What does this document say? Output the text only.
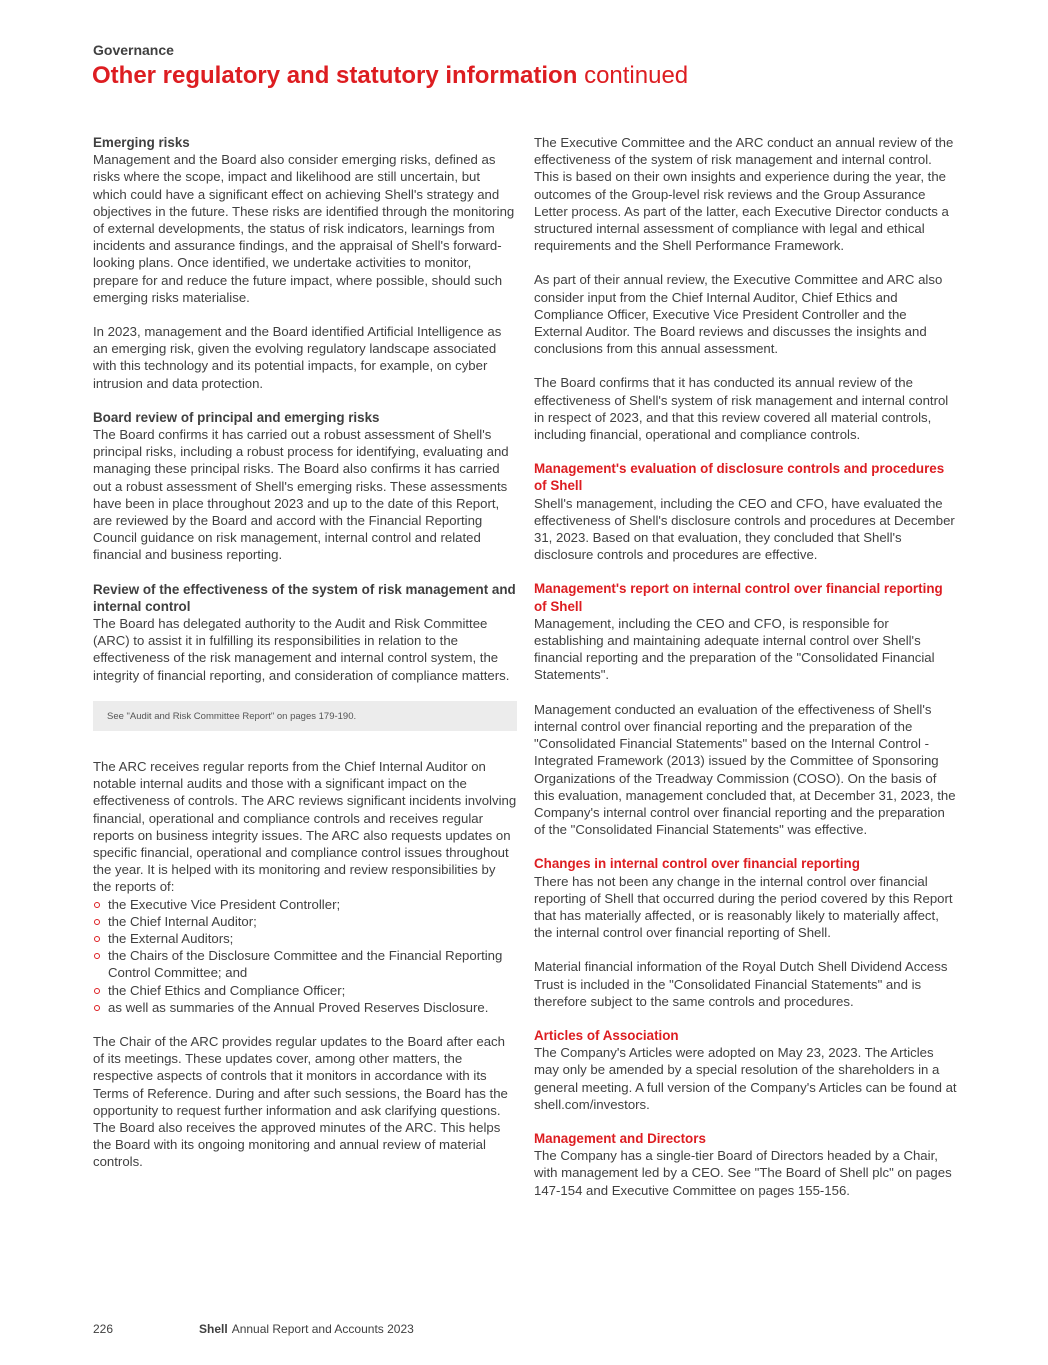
Governance
Other regulatory and statutory information continued
Emerging risks

Management and the Board also consider emerging risks, defined as risks where the scope, impact and likelihood are still uncertain, but which could have a significant effect on achieving Shell's strategy and objectives in the future. These risks are identified through the monitoring of external developments, the status of risk indicators, learnings from incidents and assurance findings, and the appraisal of Shell's forward-looking plans. Once identified, we undertake activities to monitor, prepare for and reduce the future impact, where possible, should such emerging risks materialise.

In 2023, management and the Board identified Artificial Intelligence as an emerging risk, given the evolving regulatory landscape associated with this technology and its potential impacts, for example, on cyber intrusion and data protection.

Board review of principal and emerging risks

The Board confirms it has carried out a robust assessment of Shell's principal risks, including a robust process for identifying, evaluating and managing these principal risks. The Board also confirms it has carried out a robust assessment of Shell's emerging risks. These assessments have been in place throughout 2023 and up to the date of this Report, are reviewed by the Board and accord with the Financial Reporting Council guidance on risk management, internal control and related financial and business reporting.

Review of the effectiveness of the system of risk management and internal control

The Board has delegated authority to the Audit and Risk Committee (ARC) to assist it in fulfilling its responsibilities in relation to the effectiveness of the risk management and internal control system, the integrity of financial reporting, and consideration of compliance matters.

See "Audit and Risk Committee Report" on pages 179-190.

The ARC receives regular reports from the Chief Internal Auditor on notable internal audits and those with a significant impact on the effectiveness of controls. The ARC reviews significant incidents involving financial, operational and compliance controls and receives regular reports on business integrity issues. The ARC also requests updates on specific financial, operational and compliance control issues throughout the year. It is helped with its monitoring and review responsibilities by the reports of:

the Executive Vice President Controller;
the Chief Internal Auditor;
the External Auditors;
the Chairs of the Disclosure Committee and the Financial Reporting Control Committee; and
the Chief Ethics and Compliance Officer;
as well as summaries of the Annual Proved Reserves Disclosure.

The Chair of the ARC provides regular updates to the Board after each of its meetings. These updates cover, among other matters, the respective aspects of controls that it monitors in accordance with its Terms of Reference. During and after such sessions, the Board has the opportunity to request further information and ask clarifying questions. The Board also receives the approved minutes of the ARC. This helps the Board with its ongoing monitoring and annual review of material controls.

The Executive Committee and the ARC conduct an annual review of the effectiveness of the system of risk management and internal control. This is based on their own insights and experience during the year, the outcomes of the Group-level risk reviews and the Group Assurance Letter process. As part of the latter, each Executive Director conducts a structured internal assessment of compliance with legal and ethical requirements and the Shell Performance Framework.

As part of their annual review, the Executive Committee and ARC also consider input from the Chief Internal Auditor, Chief Ethics and Compliance Officer, Executive Vice President Controller and the External Auditor. The Board reviews and discusses the insights and conclusions from this annual assessment.

The Board confirms that it has conducted its annual review of the effectiveness of Shell's system of risk management and internal control in respect of 2023, and that this review covered all material controls, including financial, operational and compliance controls.

Management's evaluation of disclosure controls and procedures of Shell

Shell's management, including the CEO and CFO, have evaluated the effectiveness of Shell's disclosure controls and procedures at December 31, 2023. Based on that evaluation, they concluded that Shell's disclosure controls and procedures are effective.

Management's report on internal control over financial reporting of Shell

Management, including the CEO and CFO, is responsible for establishing and maintaining adequate internal control over Shell's financial reporting and the preparation of the "Consolidated Financial Statements".

Management conducted an evaluation of the effectiveness of Shell's internal control over financial reporting and the preparation of the "Consolidated Financial Statements" based on the Internal Control - Integrated Framework (2013) issued by the Committee of Sponsoring Organizations of the Treadway Commission (COSO). On the basis of this evaluation, management concluded that, at December 31, 2023, the Company's internal control over financial reporting and the preparation of the "Consolidated Financial Statements" was effective.

Changes in internal control over financial reporting

There has not been any change in the internal control over financial reporting of Shell that occurred during the period covered by this Report that has materially affected, or is reasonably likely to materially affect, the internal control over financial reporting of Shell.

Material financial information of the Royal Dutch Shell Dividend Access Trust is included in the "Consolidated Financial Statements" and is therefore subject to the same controls and procedures.

Articles of Association

The Company's Articles were adopted on May 23, 2023. The Articles may only be amended by a special resolution of the shareholders in a general meeting. A full version of the Company's Articles can be found at shell.com/investors.

Management and Directors

The Company has a single-tier Board of Directors headed by a Chair, with management led by a CEO. See "The Board of Shell plc" on pages 147-154 and Executive Committee on pages 155-156.

226	Shell Annual Report and Accounts 2023
